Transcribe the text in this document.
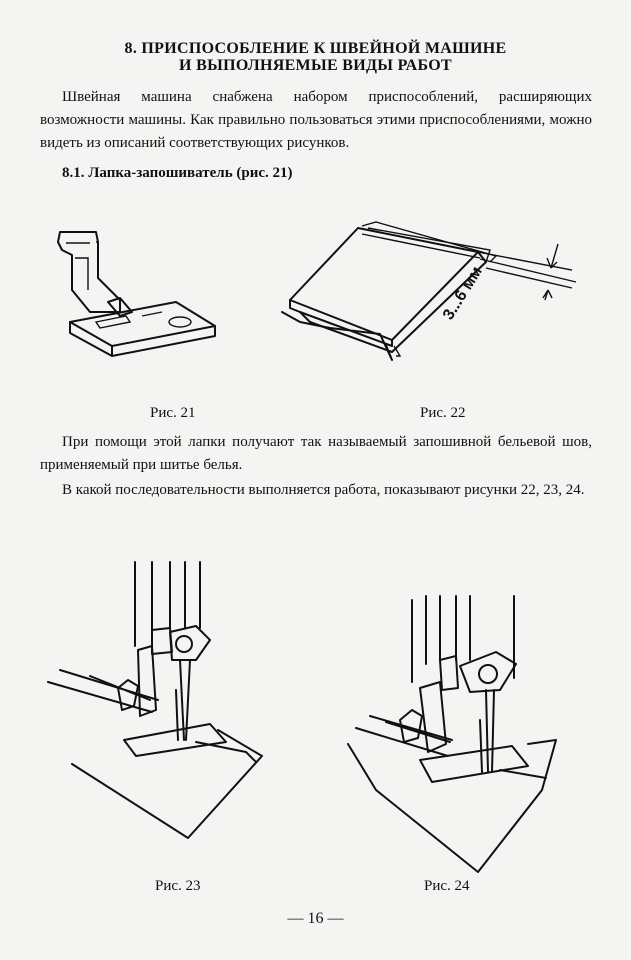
8. ПРИСПОСОБЛЕНИЕ К ШВЕЙНОЙ МАШИНЕ
И ВЫПОЛНЯЕМЫЕ ВИДЫ РАБОТ
Швейная машина снабжена набором приспособлений, расширяющих возможности машины. Как правильно пользоваться этими приспособлениями, можно видеть из описаний соответствующих рисунков.
8.1. Лапка-запошиватель (рис. 21)
Рис. 21	Рис. 22
3...6 мм
При помощи этой лапки получают так называемый запошивной бельевой шов, применяемый при шитье белья.
В какой последовательности выполняется работа, показывают рисунки 22, 23, 24.
Рис. 23	Рис. 24
— 16 —
